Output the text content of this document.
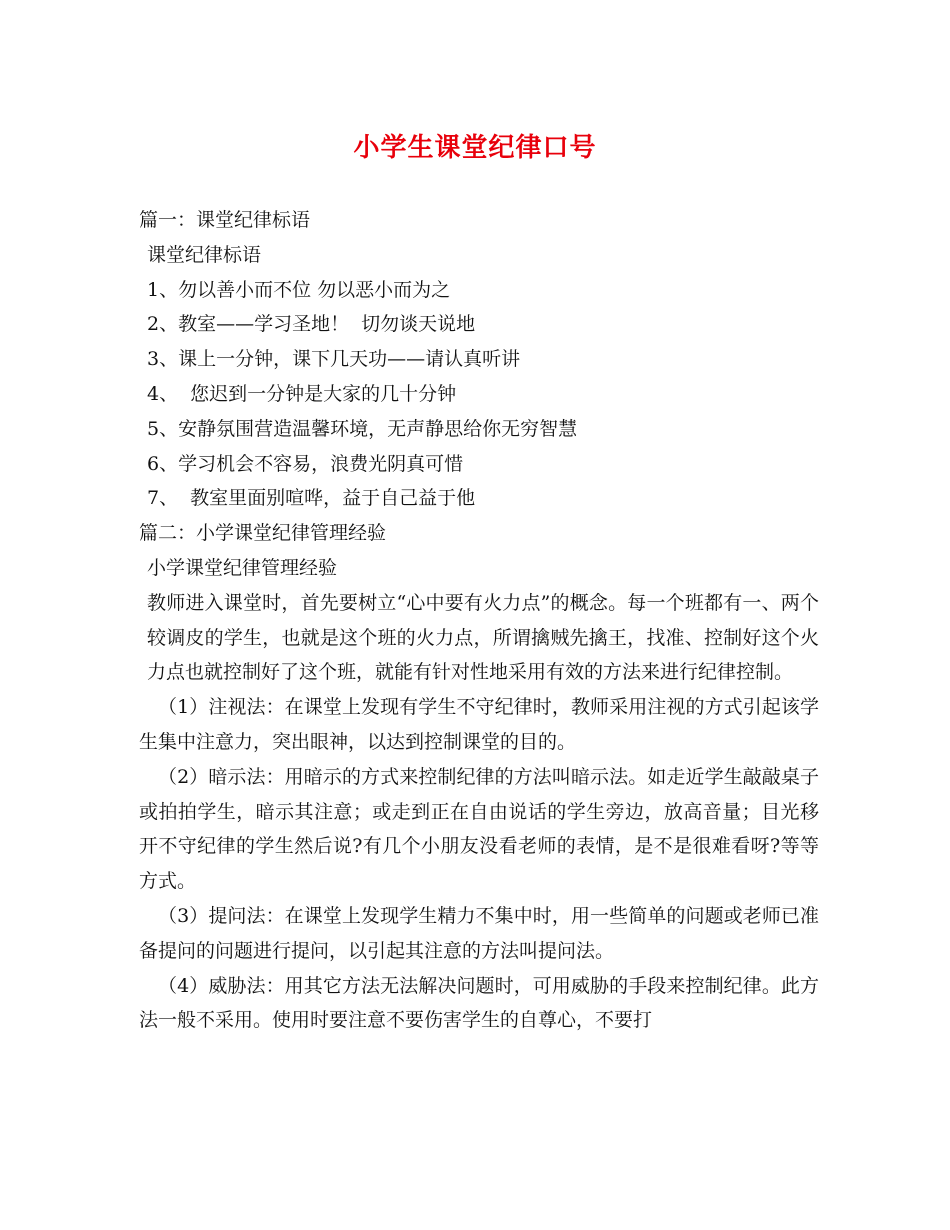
小学生课堂纪律口号
篇一：课堂纪律标语
课堂纪律标语
1、勿以善小而不位 勿以恶小而为之
2、教室——学习圣地！  切勿谈天说地
3、课上一分钟，课下几天功——请认真听讲
4、  您迟到一分钟是大家的几十分钟
5、安静氛围营造温馨环境，无声静思给你无穷智慧
6、学习机会不容易，浪费光阴真可惜
7、  教室里面别喧哗，益于自己益于他
篇二：小学课堂纪律管理经验
小学课堂纪律管理经验
教师进入课堂时，首先要树立“心中要有火力点”的概念。每一个班都有一、两个较调皮的学生，也就是这个班的火力点，所谓擒贼先擒王，找准、控制好这个火力点也就控制好了这个班，就能有针对性地采用有效的方法来进行纪律控制。
（1）注视法：在课堂上发现有学生不守纪律时，教师采用注视的方式引起该学生集中注意力，突出眼神，以达到控制课堂的目的。
（2）暗示法：用暗示的方式来控制纪律的方法叫暗示法。如走近学生敲敲桌子或拍拍学生，暗示其注意；或走到正在自由说话的学生旁边，放高音量；目光移开不守纪律的学生然后说?有几个小朋友没看老师的表情，是不是很难看呀?等等方式。
（3）提问法：在课堂上发现学生精力不集中时，用一些简单的问题或老师已准备提问的问题进行提问，以引起其注意的方法叫提问法。
（4）威胁法：用其它方法无法解决问题时，可用威胁的手段来控制纪律。此方法一般不采用。使用时要注意不要伤害学生的自尊心，不要打
